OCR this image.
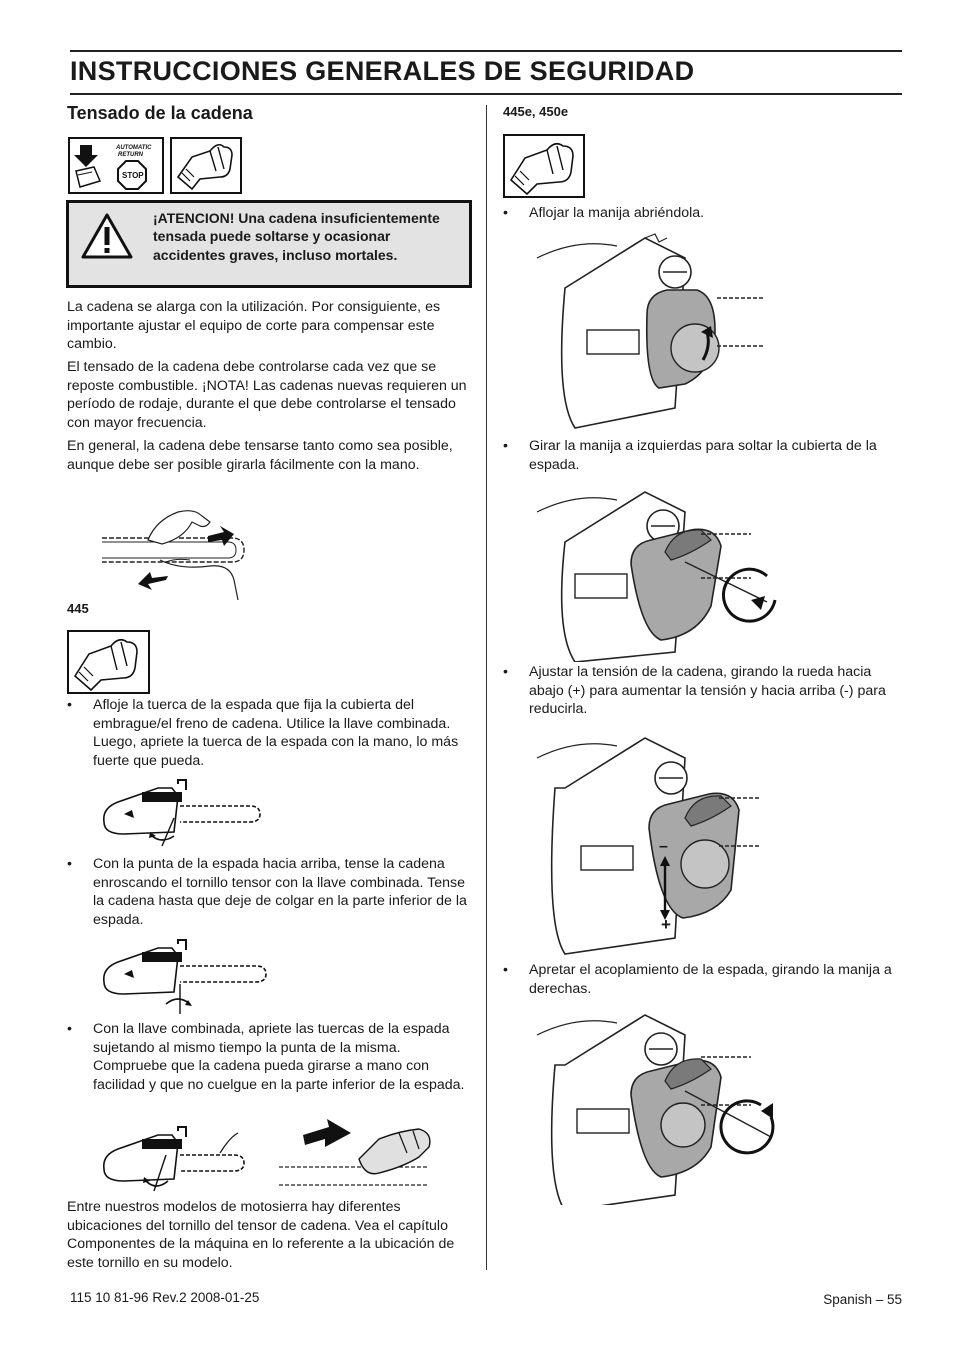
INSTRUCCIONES GENERALES DE SEGURIDAD
Tensado de la cadena
AUTOMATIC
RETURN
STOP
¡ATENCION! Una cadena insuficientemente tensada puede soltarse y ocasionar accidentes graves, incluso mortales.
La cadena se alarga con la utilización. Por consiguiente, es importante ajustar el equipo de corte para compensar este cambio.
El tensado de la cadena debe controlarse cada vez que se reposte combustible. ¡NOTA! Las cadenas nuevas requieren un período de rodaje, durante el que debe controlarse el tensado con mayor frecuencia.
En general, la cadena debe tensarse tanto como sea posible, aunque debe ser posible girarla fácilmente con la mano.
445
• Afloje la tuerca de la espada que fija la cubierta del embrague/el freno de cadena. Utilice la llave combinada. Luego, apriete la tuerca de la espada con la mano, lo más fuerte que pueda.
• Con la punta de la espada hacia arriba, tense la cadena enroscando el tornillo tensor con la llave combinada. Tense la cadena hasta que deje de colgar en la parte inferior de la espada.
• Con la llave combinada, apriete las tuercas de la espada sujetando al mismo tiempo la punta de la misma. Compruebe que la cadena pueda girarse a mano con facilidad y que no cuelgue en la parte inferior de la espada.
Entre nuestros modelos de motosierra hay diferentes ubicaciones del tornillo del tensor de cadena. Vea el capítulo Componentes de la máquina en lo referente a la ubicación de este tornillo en su modelo.
445e, 450e
• Aflojar la manija abriéndola.
• Girar la manija a izquierdas para soltar la cubierta de la espada.
• Ajustar la tensión de la cadena, girando la rueda hacia abajo (+) para aumentar la tensión y hacia arriba (-) para reducirla.
–
+
• Apretar el acoplamiento de la espada, girando la manija a derechas.
115 10 81-96 Rev.2 2008-01-25	Spanish – 55
